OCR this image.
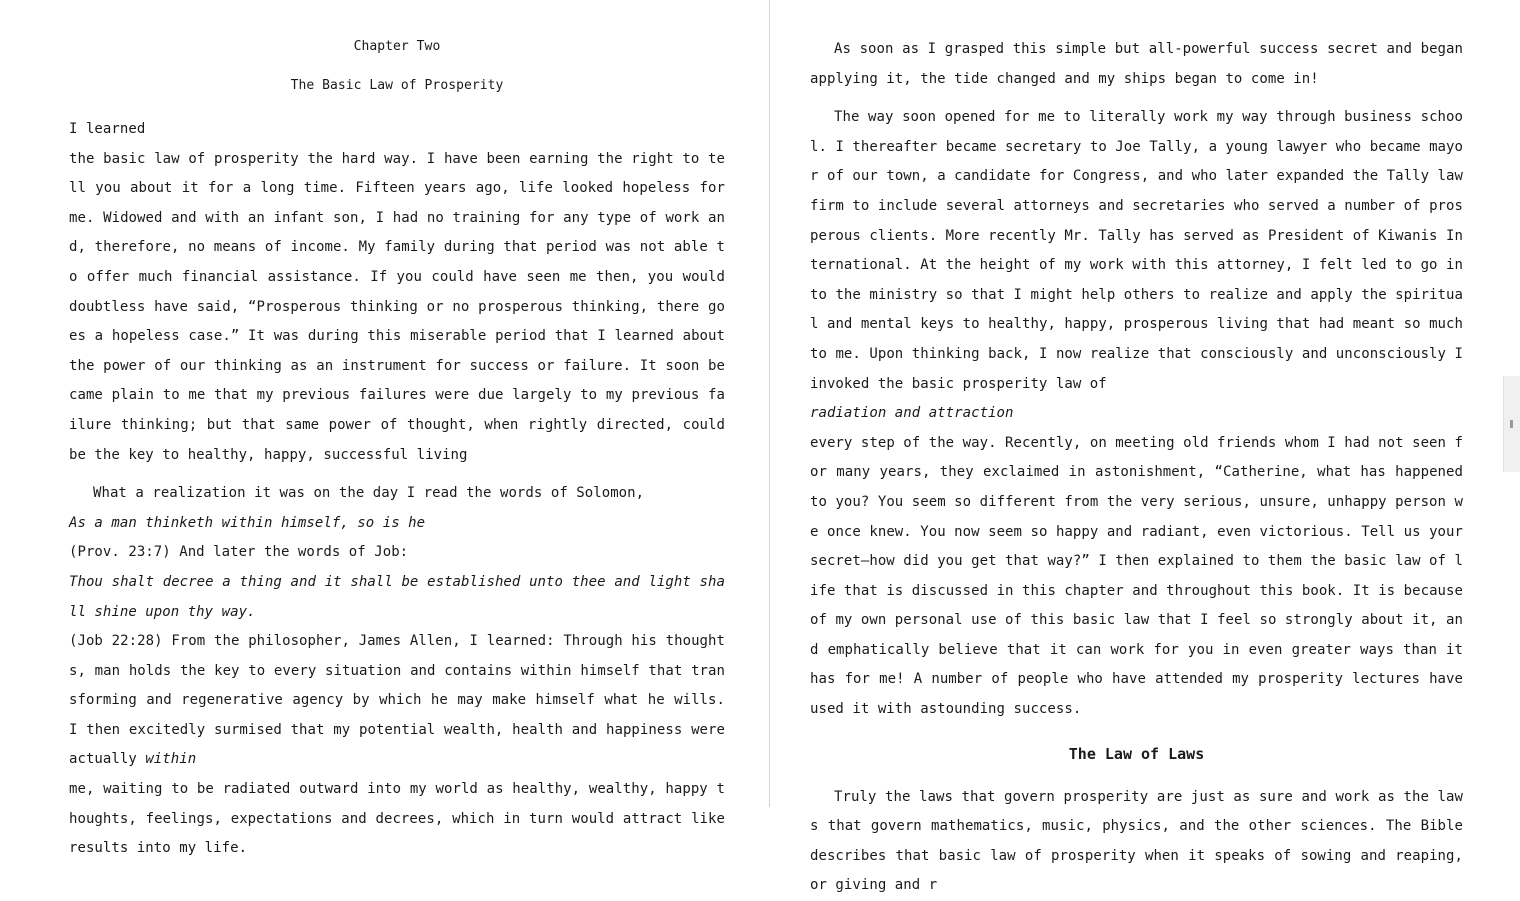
Chapter Two

The Basic Law of Prosperity

I learned

the basic law of prosperity the hard way. I have been earning the right to tell you about it for a long time. Fifteen years ago, life looked hopeless for me. Widowed and with an infant son, I had no training for any type of work and, therefore, no means of income. My family during that period was not able to offer much financial assistance. If you could have seen me then, you would doubtless have said, “Prosperous thinking or no prosperous thinking, there goes a hopeless case.” It was during this miserable period that I learned about the power of our thinking as an instrument for success or failure. It soon became plain to me that my previous failures were due largely to my previous failure thinking; but that same power of thought, when rightly directed, could be the key to healthy, happy, successful living

What a realization it was on the day I read the words of Solomon,

As a man thinketh within himself, so is he

(Prov. 23:7) And later the words of Job:

Thou shalt decree a thing and it shall be established unto thee and light shall shine upon thy way.

(Job 22:28) From the philosopher, James Allen, I learned: Through his thoughts, man holds the key to every situation and contains within himself that transforming and regenerative agency by which he may make himself what he wills. I then excitedly surmised that my potential wealth, health and happiness were actually within

me, waiting to be radiated outward into my world as healthy, wealthy, happy thoughts, feelings, expectations and decrees, which in turn would attract like results into my life.

As soon as I grasped this simple but all-powerful success secret and began applying it, the tide changed and my ships began to come in!

The way soon opened for me to literally work my way through business school. I thereafter became secretary to Joe Tally, a young lawyer who became mayor of our town, a candidate for Congress, and who later expanded the Tally law firm to include several attorneys and secretaries who served a number of prosperous clients. More recently Mr. Tally has served as President of Kiwanis International. At the height of my work with this attorney, I felt led to go into the ministry so that I might help others to realize and apply the spiritual and mental keys to healthy, happy, prosperous living that had meant so much to me. Upon thinking back, I now realize that consciously and unconsciously I invoked the basic prosperity law of

radiation and attraction

every step of the way. Recently, on meeting old friends whom I had not seen for many years, they exclaimed in astonishment, “Catherine, what has happened to you? You seem so different from the very serious, unsure, unhappy person we once knew. You now seem so happy and radiant, even victorious. Tell us your secret—how did you get that way?” I then explained to them the basic law of life that is discussed in this chapter and throughout this book. It is because of my own personal use of this basic law that I feel so strongly about it, and emphatically believe that it can work for you in even greater ways than it has for me! A number of people who have attended my prosperity lectures have used it with astounding success.

The Law of Laws

Truly the laws that govern prosperity are just as sure and work as the laws that govern mathematics, music, physics, and the other sciences. The Bible describes that basic law of prosperity when it speaks of sowing and reaping, or giving and r
